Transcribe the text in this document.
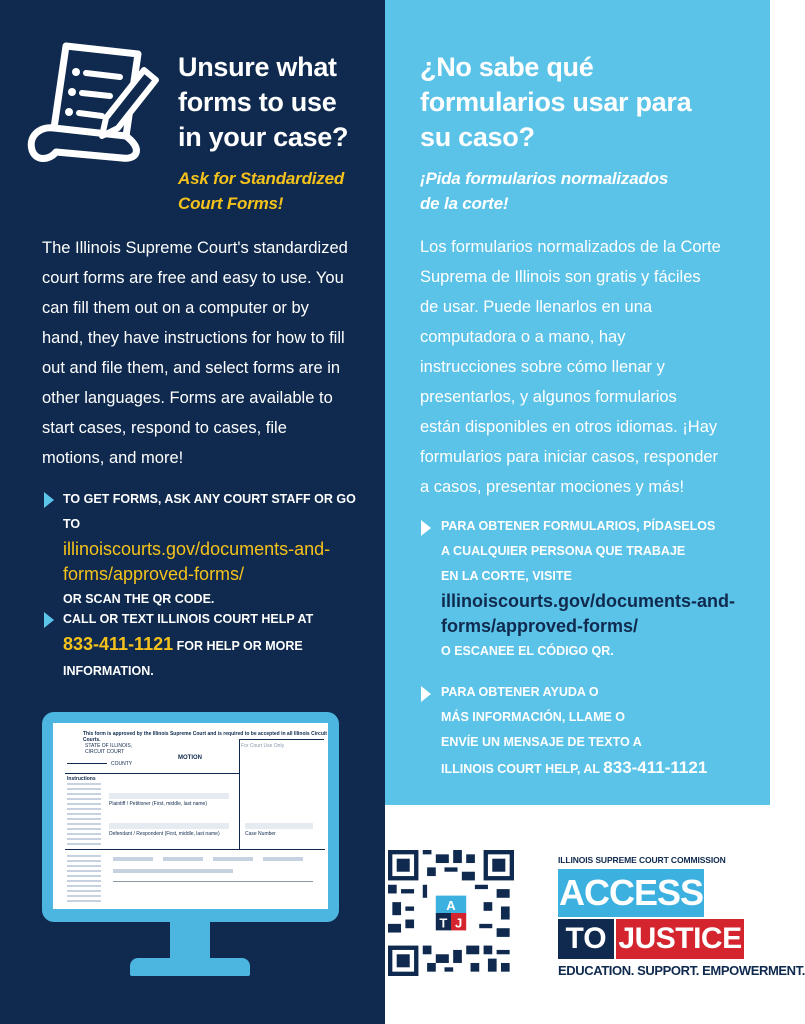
Unsure what
forms to use
in your case?
Ask for Standardized
Court Forms!
The Illinois Supreme Court's standardized
court forms are free and easy to use. You
can fill them out on a computer or by
hand, they have instructions for how to fill
out and file them, and select forms are in
other languages. Forms are available to
start cases, respond to cases, file
motions, and more!
TO GET FORMS, ASK ANY COURT STAFF OR GO TO
illinoiscourts.gov/documents-and-
forms/approved-forms/
OR SCAN THE QR CODE.
CALL OR TEXT ILLINOIS COURT HELP AT
833-411-1121 FOR HELP OR MORE
INFORMATION.
¿No sabe qué
formularios usar para
su caso?
¡Pida formularios normalizados
de la corte!
Los formularios normalizados de la Corte
Suprema de Illinois son gratis y fáciles
de usar. Puede llenarlos en una
computadora o a mano, hay
instrucciones sobre cómo llenar y
presentarlos, y algunos formularios
están disponibles en otros idiomas. ¡Hay
formularios para iniciar casos, responder
a casos, presentar mociones y más!
PARA OBTENER FORMULARIOS, PÍDASELOS
A CUALQUIER PERSONA QUE TRABAJE
EN LA CORTE, VISITE
illinoiscourts.gov/documents-and-
forms/approved-forms/
O ESCANEE EL CÓDIGO QR.
PARA OBTENER AYUDA O
MÁS INFORMACIÓN, LLAME O
ENVÍE UN MENSAJE DE TEXTO A
ILLINOIS COURT HELP, AL 833-411-1121
This form is approved by the Illinois Supreme Court and is required to be accepted in all Illinois Circuit Courts.
STATE OF ILLINOIS, CIRCUIT COURT
For Court Use Only
COUNTY
MOTION
Instructions
Plaintiff / Petitioner (First, middle, last name)
Defendant / Respondent (First, middle, last name)	Case Number
SAMPLE FORM
A
T	J
ILLINOIS SUPREME COURT COMMISSION
ACCESS
TO JUSTICE
EDUCATION. SUPPORT. EMPOWERMENT.
